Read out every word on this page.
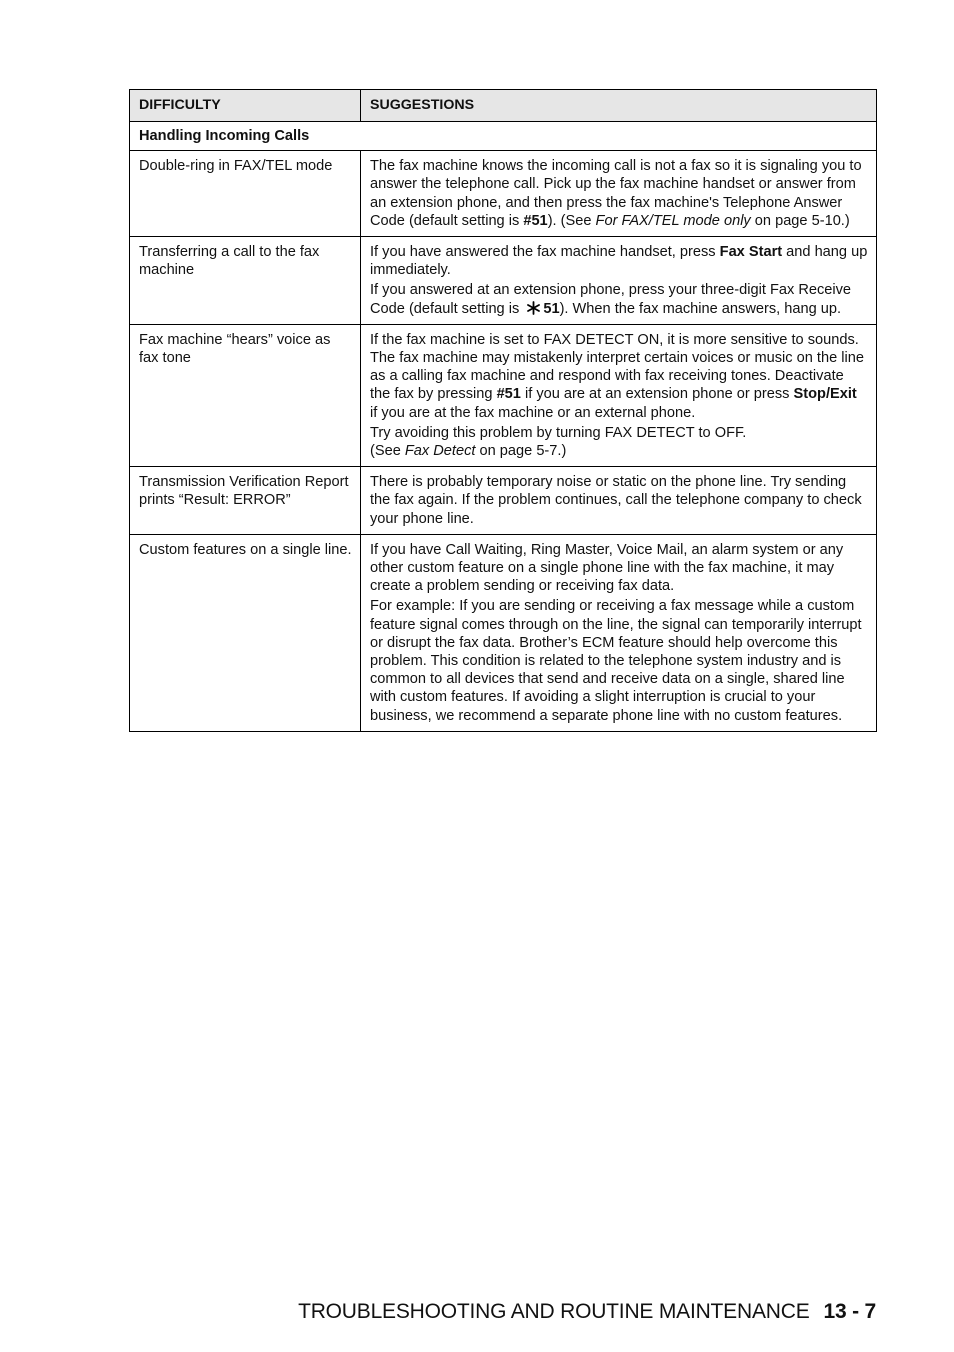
DIFFICULTY	SUGGESTIONS
Handling Incoming Calls	
Double-ring in FAX/TEL mode	The fax machine knows the incoming call is not a fax so it is signaling you to answer the telephone call. Pick up the fax machine handset or answer from an extension phone, and then press the fax machine's Telephone Answer Code (default setting is #51). (See For FAX/TEL mode only on page 5-10.)

Transferring a call to the fax machine	If you have answered the fax machine handset, press Fax Start and hang up immediately.

If you answered at an extension phone, press your three-digit Fax Receive Code (default setting is 51). When the fax machine answers, hang up.

Fax machine “hears” voice as fax tone	If the fax machine is set to FAX DETECT ON, it is more sensitive to sounds. The fax machine may mistakenly interpret certain voices or music on the line as a calling fax machine and respond with fax receiving tones. Deactivate the fax by pressing #51 if you are at an extension phone or press Stop/Exit if you are at the fax machine or an external phone.

Try avoiding this problem by turning FAX DETECT to OFF.

(See Fax Detect on page 5-7.)

Transmission Verification Report prints “Result: ERROR”	There is probably temporary noise or static on the phone line. Try sending the fax again. If the problem continues, call the telephone company to check your phone line.

Custom features on a single line.	If you have Call Waiting, Ring Master, Voice Mail, an alarm system or any other custom feature on a single phone line with the fax machine, it may create a problem sending or receiving fax data.

For example: If you are sending or receiving a fax message while a custom feature signal comes through on the line, the signal can temporarily interrupt or disrupt the fax data. Brother’s ECM feature should help overcome this problem. This condition is related to the telephone system industry and is common to all devices that send and receive data on a single, shared line with custom features. If avoiding a slight interruption is crucial to your business, we recommend a separate phone line with no custom features.

TROUBLESHOOTING AND ROUTINE MAINTENANCE 13 - 7
